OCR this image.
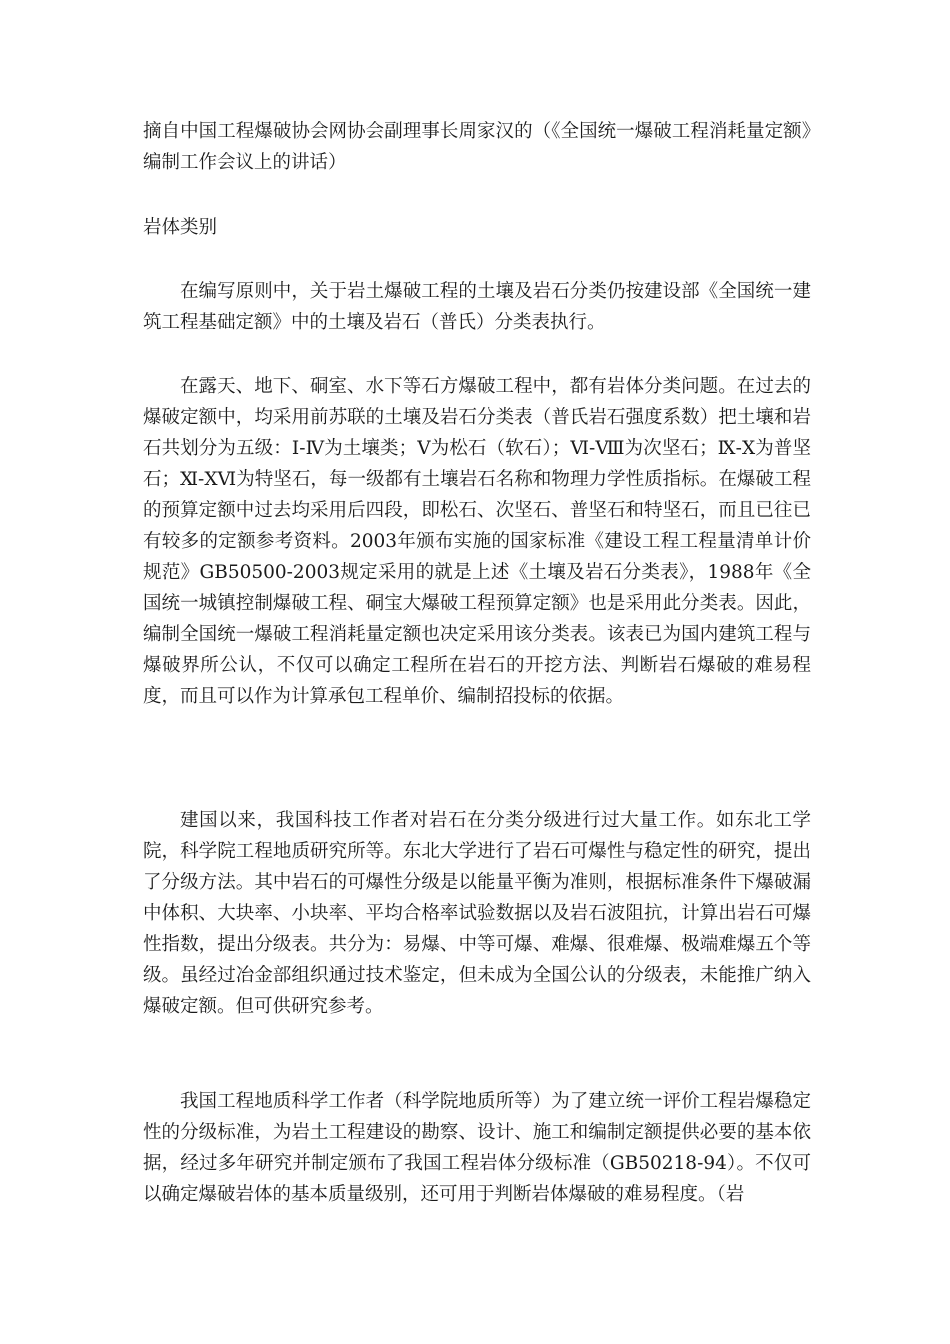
摘自中国工程爆破协会网协会副理事长周家汉的（《全国统一爆破工程消耗量定额》编制工作会议上的讲话）

岩体类别

在编写原则中，关于岩土爆破工程的土壤及岩石分类仍按建设部《全国统一建筑工程基础定额》中的土壤及岩石（普氏）分类表执行。

在露天、地下、硐室、水下等石方爆破工程中，都有岩体分类问题。在过去的爆破定额中，均采用前苏联的土壤及岩石分类表（普氏岩石强度系数）把土壤和岩石共划分为五级：Ⅰ-Ⅳ为土壤类；Ⅴ为松石（软石）；Ⅵ-Ⅷ为次坚石；Ⅸ-Ⅹ为普坚石；Ⅺ-ⅩⅥ为特坚石，每一级都有土壤岩石名称和物理力学性质指标。在爆破工程的预算定额中过去均采用后四段，即松石、次坚石、普坚石和特坚石，而且已往已有较多的定额参考资料。2003年颁布实施的国家标准《建设工程工程量清单计价规范》GB50500-2003规定采用的就是上述《土壤及岩石分类表》，1988年《全国统一城镇控制爆破工程、硐宝大爆破工程预算定额》也是采用此分类表。因此，编制全国统一爆破工程消耗量定额也决定采用该分类表。该表已为国内建筑工程与爆破界所公认，不仅可以确定工程所在岩石的开挖方法、判断岩石爆破的难易程度，而且可以作为计算承包工程单价、编制招投标的依据。

建国以来，我国科技工作者对岩石在分类分级进行过大量工作。如东北工学院，科学院工程地质研究所等。东北大学进行了岩石可爆性与稳定性的研究，提出了分级方法。其中岩石的可爆性分级是以能量平衡为准则，根据标准条件下爆破漏中体积、大块率、小块率、平均合格率试验数据以及岩石波阻抗，计算出岩石可爆性指数，提出分级表。共分为：易爆、中等可爆、难爆、很难爆、极端难爆五个等级。虽经过冶金部组织通过技术鉴定，但未成为全国公认的分级表，未能推广纳入爆破定额。但可供研究参考。

我国工程地质科学工作者（科学院地质所等）为了建立统一评价工程岩爆稳定性的分级标准，为岩土工程建设的勘察、设计、施工和编制定额提供必要的基本依据，经过多年研究并制定颁布了我国工程岩体分级标准（GB50218-94）。不仅可以确定爆破岩体的基本质量级别，还可用于判断岩体爆破的难易程度。（岩
